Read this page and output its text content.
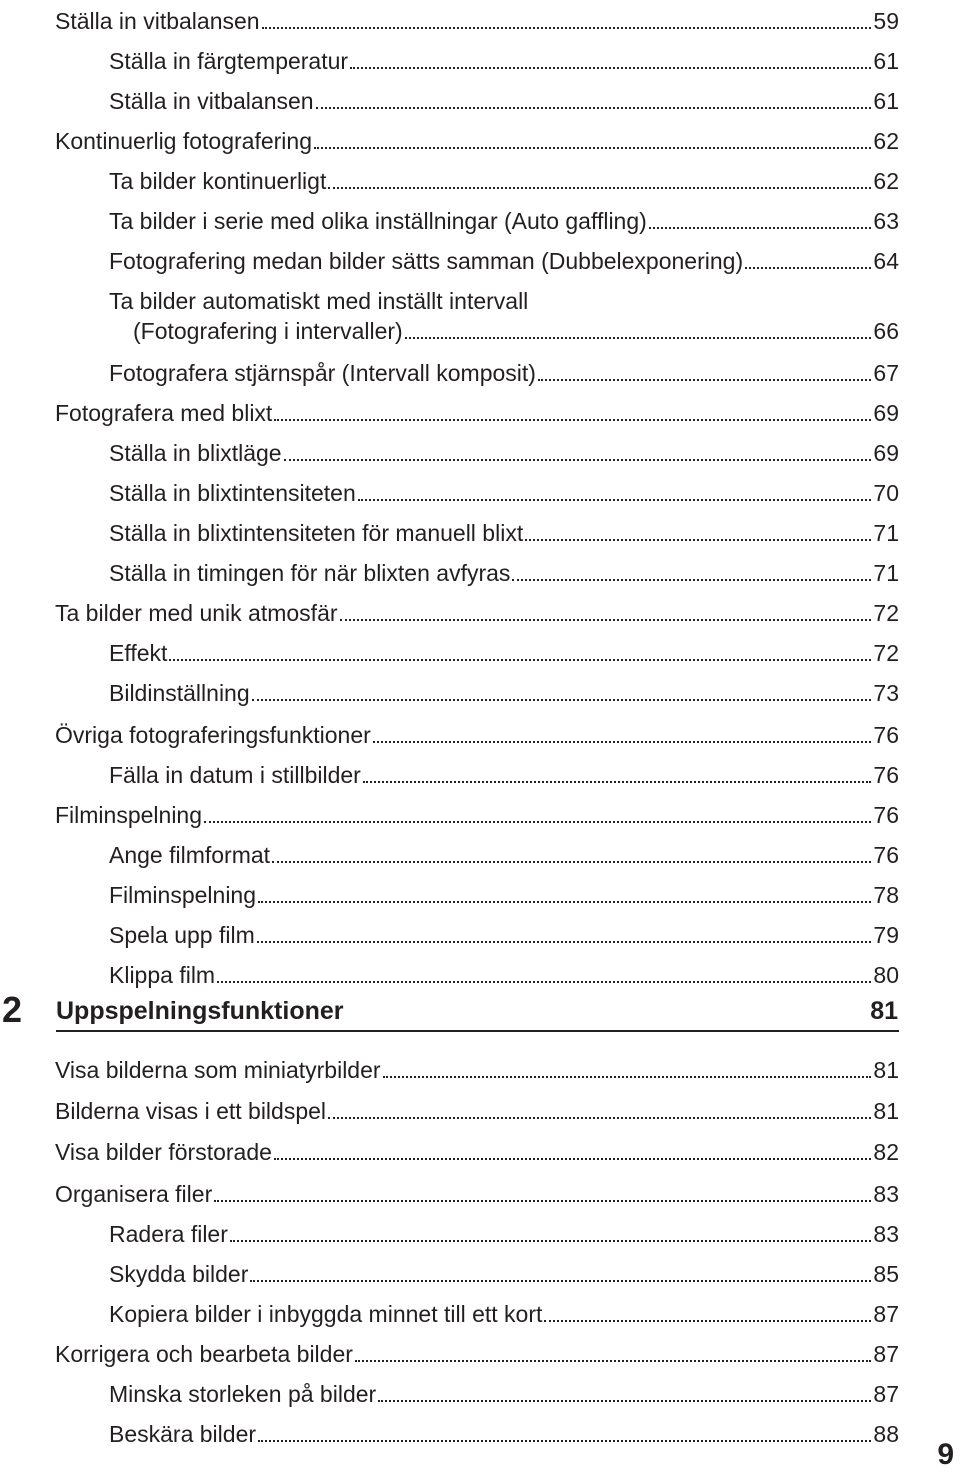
Ställa in vitbalansen	59
Ställa in färgtemperatur	61
Ställa in vitbalansen	61
Kontinuerlig fotografering	62
Ta bilder kontinuerligt	62
Ta bilder i serie med olika inställningar (Auto gaffling)	63
Fotografering medan bilder sätts samman (Dubbelexponering)	64
Ta bilder automatiskt med inställt intervall
(Fotografering i intervaller)	66
Fotografera stjärnspår (Intervall komposit)	67
Fotografera med blixt	69
Ställa in blixtläge	69
Ställa in blixtintensiteten	70
Ställa in blixtintensiteten för manuell blixt	71
Ställa in timingen för när blixten avfyras	71
Ta bilder med unik atmosfär	72
Effekt	72
Bildinställning	73
Övriga fotograferingsfunktioner	76
Fälla in datum i stillbilder	76
Filminspelning	76
Ange filmformat	76
Filminspelning	78
Spela upp film	79
Klippa film	80
2 Uppspelningsfunktioner	81
Visa bilderna som miniatyrbilder	81
Bilderna visas i ett bildspel	81
Visa bilder förstorade	82
Organisera filer	83
Radera filer	83
Skydda bilder	85
Kopiera bilder i inbyggda minnet till ett kort	87
Korrigera och bearbeta bilder	87
Minska storleken på bilder	87
Beskära bilder	88
9
